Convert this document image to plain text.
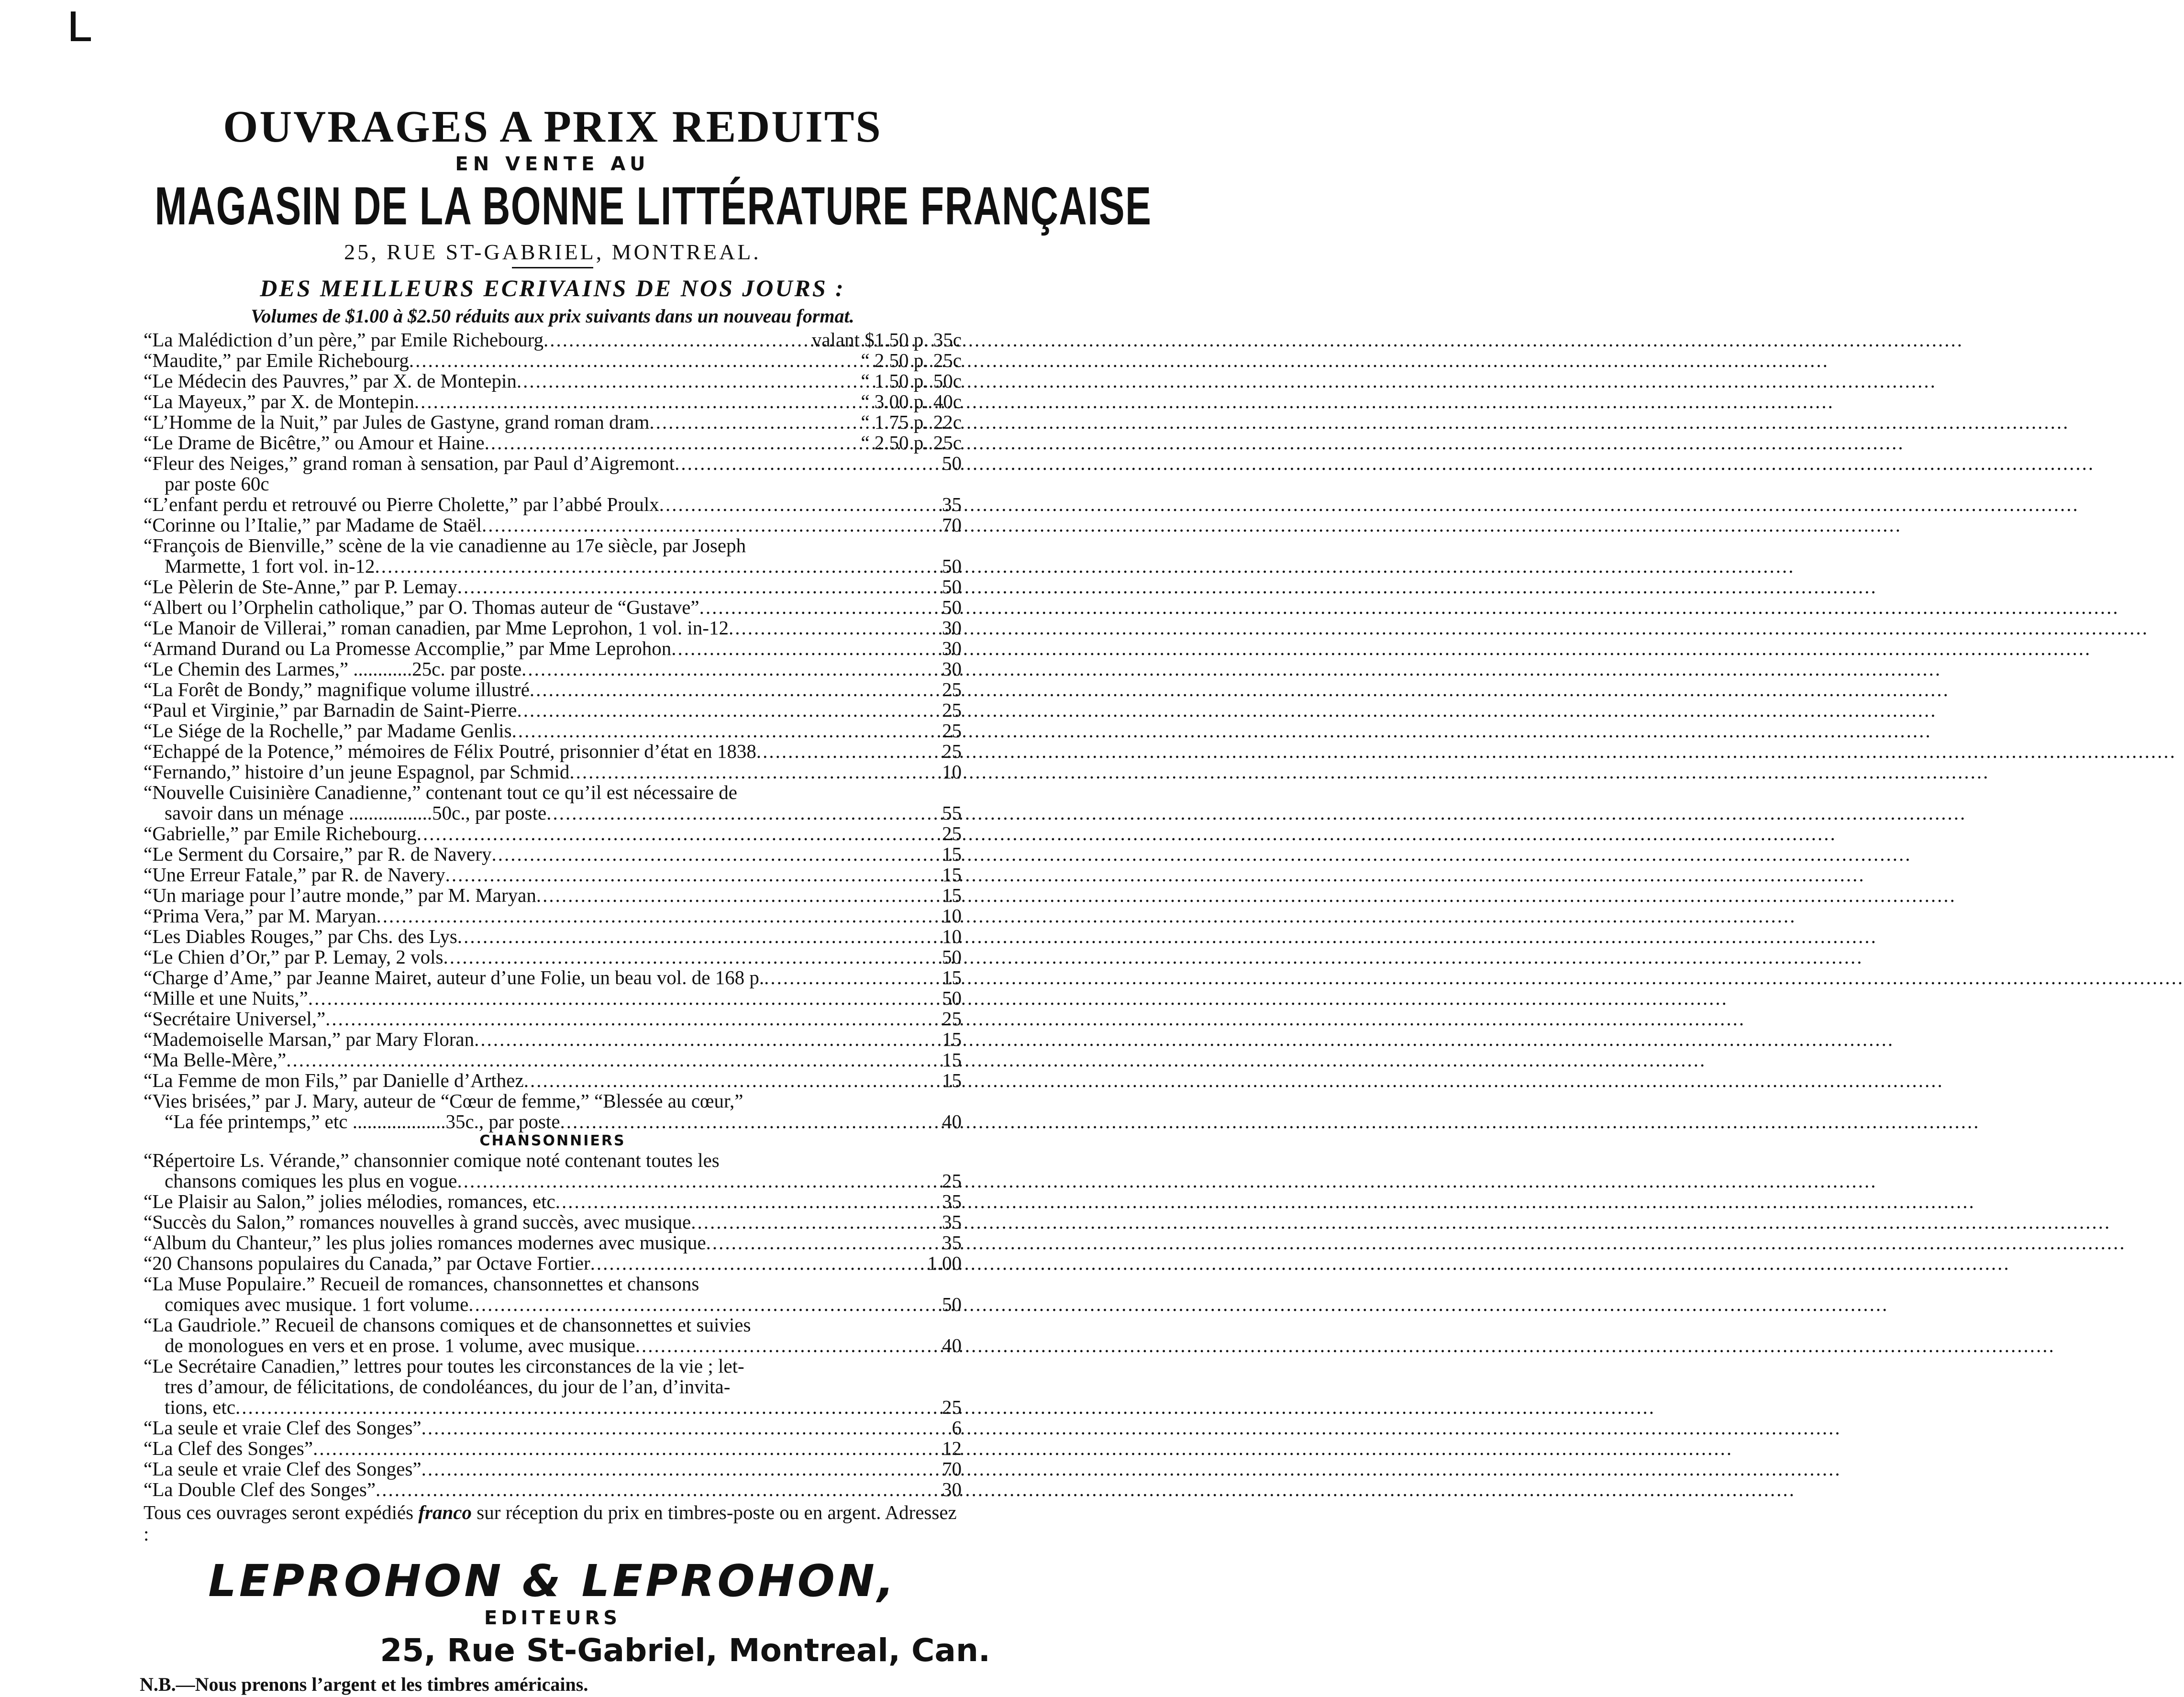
OUVRAGES A PRIX REDUITS
EN VENTE AU
MAGASIN DE LA BONNE LITTÉRATURE FRANÇAISE
25, RUE ST-GABRIEL, MONTREAL.
DES MEILLEURS ECRIVAINS DE NOS JOURS :
Volumes de $1.00 à $2.50 réduits aux prix suivants dans un nouveau format.
“La Malédiction d’un père,” par Emile Richebourg .....	valant $1.50 p. 35c
“Maudite,” par Emile Richebourg .....	“ 2.50 p. 25c
“Le Médecin des Pauvres,” par X. de Montepin .....	“ 1.50 p. 50c
“La Mayeux,” par X. de Montepin .....	“ 3.00 p. 40c
“L’Homme de la Nuit,” par Jules de Gastyne, grand roman dram .....	“ 1.75 p. 22c
“Le Drame de Bicêtre,” ou Amour et Haine .....	“ 2.50 p. 25c
“Fleur des Neiges,” grand roman à sensation, par Paul d’Aigremont .....	50
par poste 60c
“L’enfant perdu et retrouvé ou Pierre Cholette,” par l’abbé Proulx .....	35
“Corinne ou l’Italie,” par Madame de Staël .....	70
“François de Bienville,” scène de la vie canadienne au 17e siècle, par Joseph
Marmette, 1 fort vol. in-12 .....	50
“Le Pèlerin de Ste-Anne,” par P. Lemay .....	50
“Albert ou l’Orphelin catholique,” par O. Thomas auteur de “Gustave” .....	50
“Le Manoir de Villerai,” roman canadien, par Mme Leprohon, 1 vol. in-12 .....	30
“Armand Durand ou La Promesse Accomplie,” par Mme Leprohon .....	30
“Le Chemin des Larmes,” ............25c. par poste .....	30
“La Forêt de Bondy,” magnifique volume illustré .....	25
“Paul et Virginie,” par Barnadin de Saint-Pierre .....	25
“Le Siége de la Rochelle,” par Madame Genlis .....	25
“Echappé de la Potence,” mémoires de Félix Poutré, prisonnier d’état en 1838 .....	25
“Fernando,” histoire d’un jeune Espagnol, par Schmid .....	10
“Nouvelle Cuisinière Canadienne,” contenant tout ce qu’il est nécessaire de
savoir dans un ménage .................50c., par poste .....	55
“Gabrielle,” par Emile Richebourg .....	25
“Le Serment du Corsaire,” par R. de Navery .....	15
“Une Erreur Fatale,” par R. de Navery .....	15
“Un mariage pour l’autre monde,” par M. Maryan .....	15
“Prima Vera,” par M. Maryan .....	10
“Les Diables Rouges,” par Chs. des Lys .....	10
“Le Chien d’Or,” par P. Lemay, 2 vols .....	50
“Charge d’Ame,” par Jeanne Mairet, auteur d’une Folie, un beau vol. de 168 p. .....	15
“Mille et une Nuits,” .....	50
“Secrétaire Universel,” .....	25
“Mademoiselle Marsan,” par Mary Floran .....	15
“Ma Belle-Mère,” .....	15
“La Femme de mon Fils,” par Danielle d’Arthez .....	15
“Vies brisées,” par J. Mary, auteur de “Cœur de femme,” “Blessée au cœur,”
“La fée printemps,” etc ...................35c., par poste .....	40
CHANSONNIERS
“Répertoire Ls. Vérande,” chansonnier comique noté contenant toutes les
chansons comiques les plus en vogue .....	25
“Le Plaisir au Salon,” jolies mélodies, romances, etc .....	35
“Succès du Salon,” romances nouvelles à grand succès, avec musique .....	35
“Album du Chanteur,” les plus jolies romances modernes avec musique .....	35
“20 Chansons populaires du Canada,” par Octave Fortier .....	1.00
“La Muse Populaire.” Recueil de romances, chansonnettes et chansons
comiques avec musique. 1 fort volume .....	50
“La Gaudriole.” Recueil de chansons comiques et de chansonnettes et suivies
de monologues en vers et en prose. 1 volume, avec musique .....	40
“Le Secrétaire Canadien,” lettres pour toutes les circonstances de la vie ; let-
tres d’amour, de félicitations, de condoléances, du jour de l’an, d’invita-
tions, etc .....	25
“La seule et vraie Clef des Songes” .....	6
“La Clef des Songes” .....	12
“La seule et vraie Clef des Songes” .....	70
“La Double Clef des Songes” .....	30

Tous ces ouvrages seront expédiés franco sur réception du prix en timbres-poste ou en argent. Adressez :

LEPROHON & LEPROHON,
EDITEURS
25, Rue St-Gabriel, Montreal, Can.
N.B.—Nous prenons l’argent et les timbres américains.
